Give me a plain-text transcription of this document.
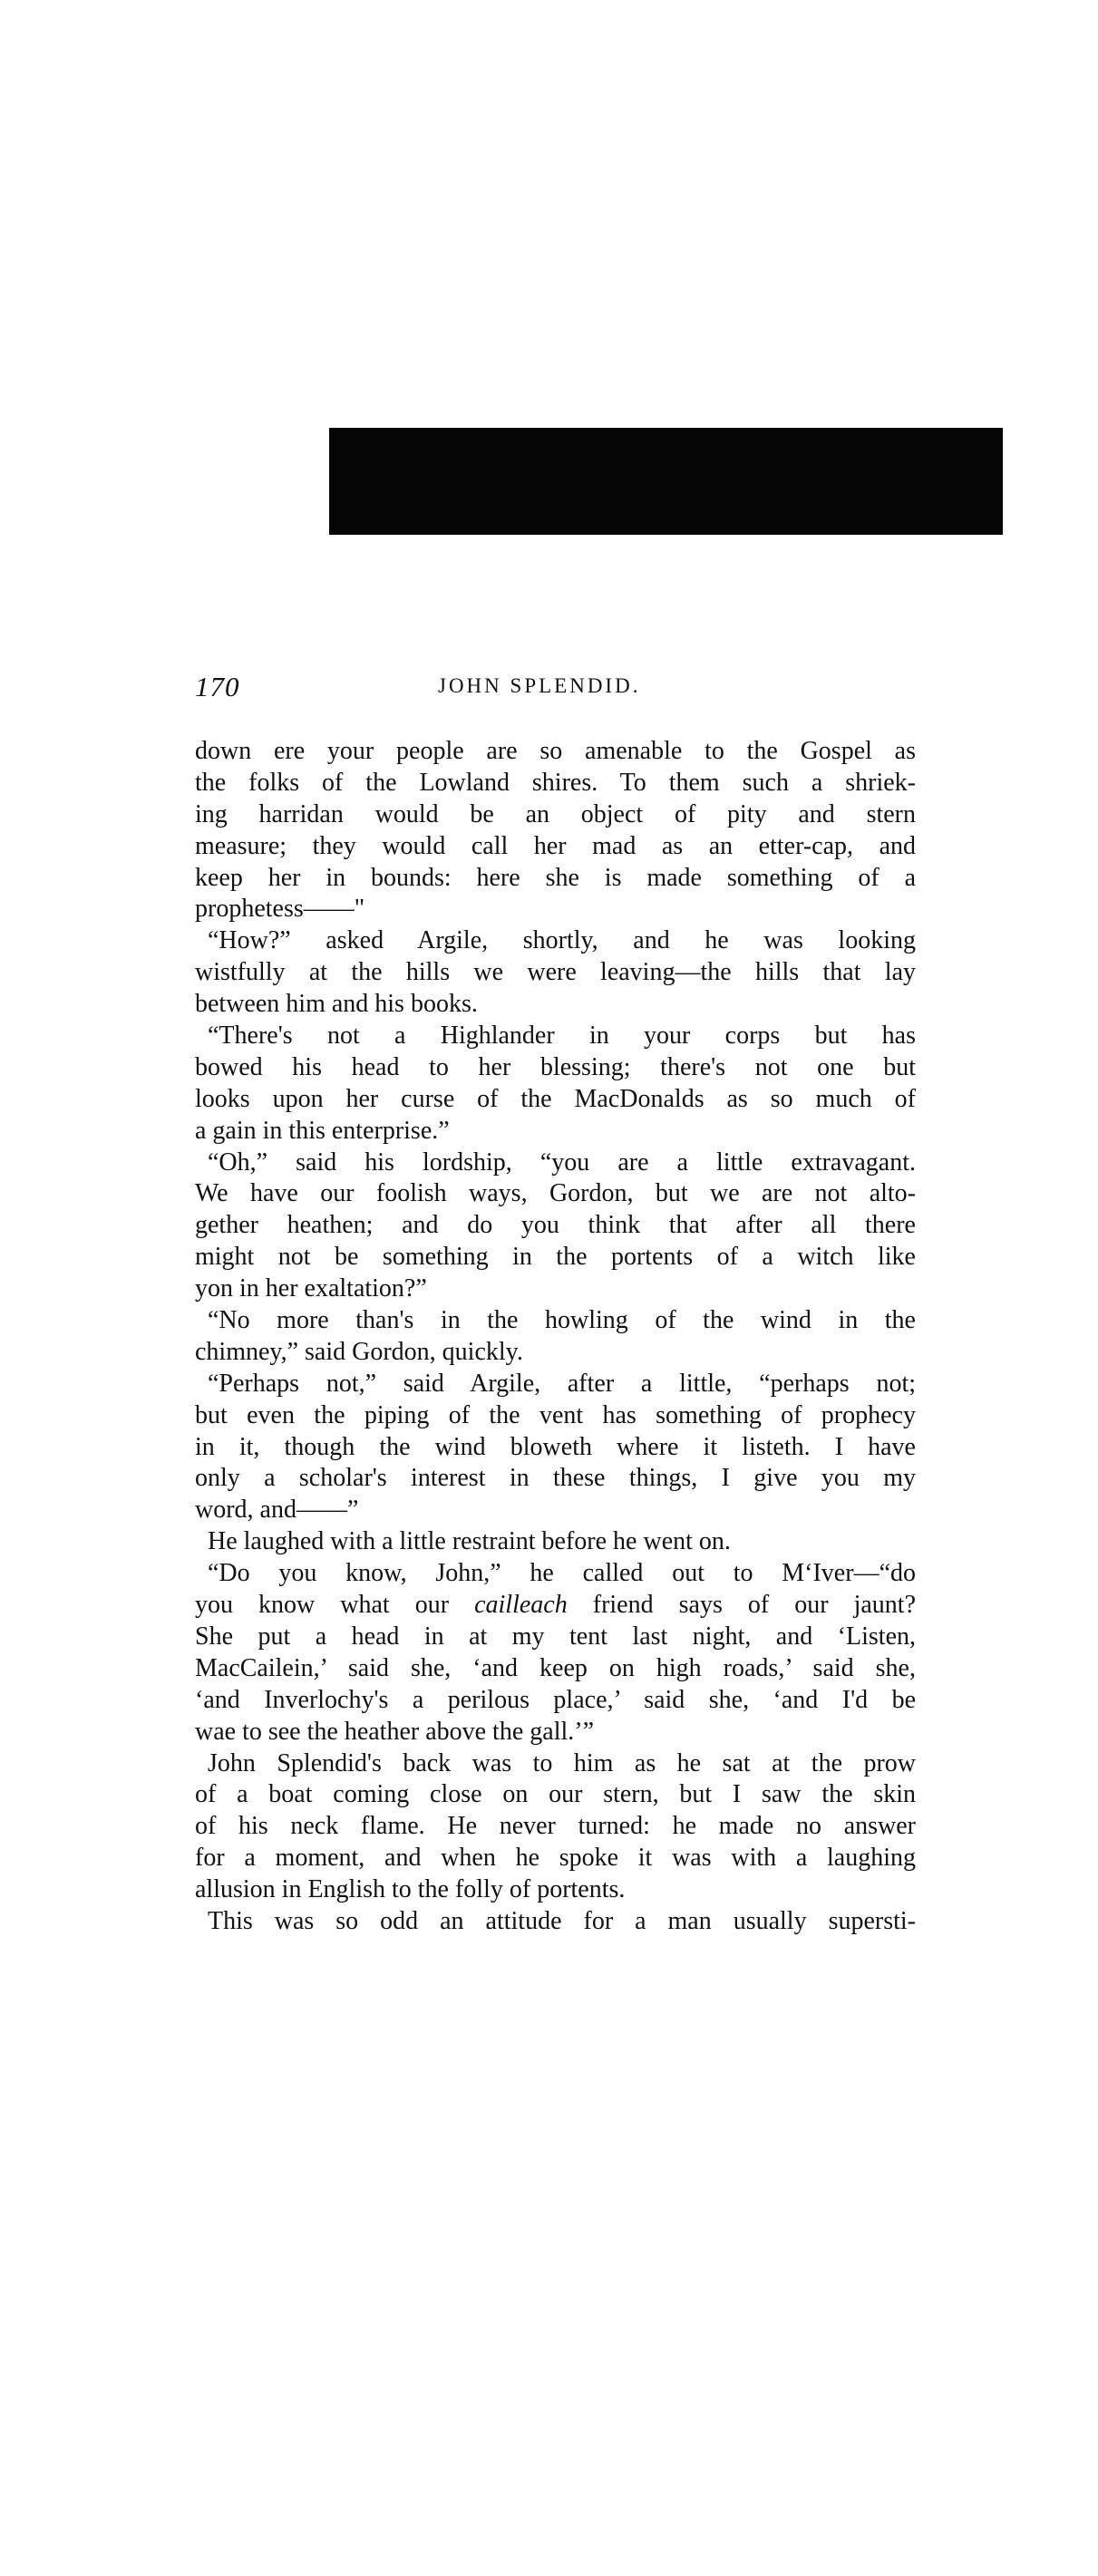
170	JOHN SPLENDID.
down ere your people are so amenable to the Gospel as
the folks of the Lowland shires. To them such a shriek-
ing harridan would be an object of pity and stern
measure; they would call her mad as an etter-cap, and
keep her in bounds: here she is made something of a
prophetess——"
“How?” asked Argile, shortly, and he was looking
wistfully at the hills we were leaving—the hills that lay
between him and his books.
“There's not a Highlander in your corps but has
bowed his head to her blessing; there's not one but
looks upon her curse of the MacDonalds as so much of
a gain in this enterprise.”
“Oh,” said his lordship, “you are a little extravagant.
We have our foolish ways, Gordon, but we are not alto-
gether heathen; and do you think that after all there
might not be something in the portents of a witch like
yon in her exaltation?”
“No more than's in the howling of the wind in the
chimney,” said Gordon, quickly.
“Perhaps not,” said Argile, after a little, “perhaps not;
but even the piping of the vent has something of prophecy
in it, though the wind bloweth where it listeth. I have
only a scholar's interest in these things, I give you my
word, and——”
He laughed with a little restraint before he went on.
“Do you know, John,” he called out to M‘Iver—“do
you know what our cailleach friend says of our jaunt?
She put a head in at my tent last night, and ‘Listen,
MacCailein,’ said she, ‘and keep on high roads,’ said she,
‘and Inverlochy's a perilous place,’ said she, ‘and I'd be
wae to see the heather above the gall.’”
John Splendid's back was to him as he sat at the prow
of a boat coming close on our stern, but I saw the skin
of his neck flame. He never turned: he made no answer
for a moment, and when he spoke it was with a laughing
allusion in English to the folly of portents.
This was so odd an attitude for a man usually supersti-
